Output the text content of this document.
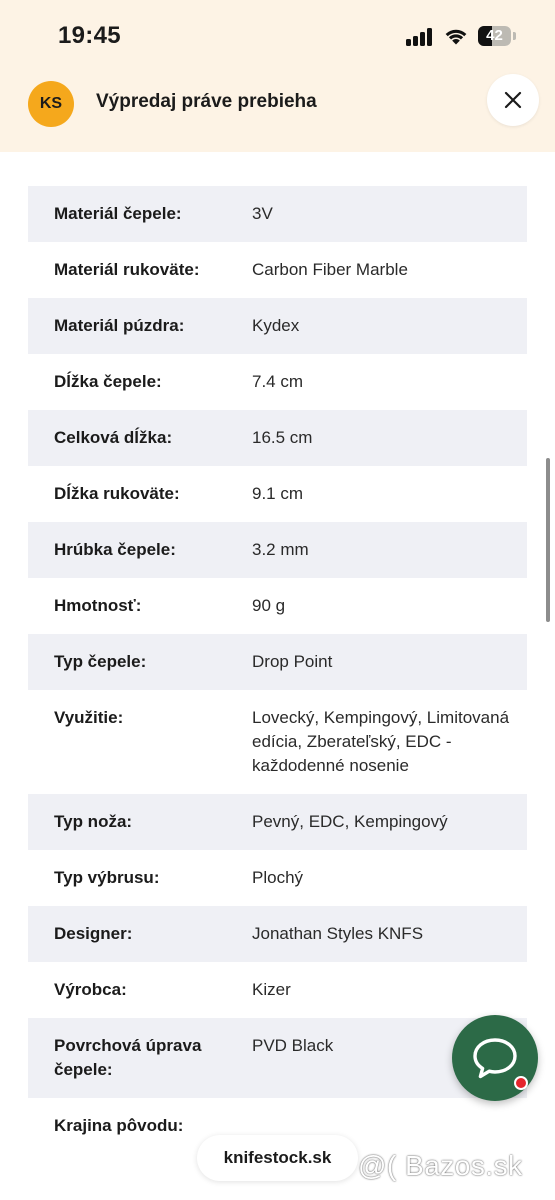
19:45	42
KS	Výpredaj práve prebieha
Materiál čepele:	3V
Materiál rukoväte:	Carbon Fiber Marble
Materiál púzdra:	Kydex
Dĺžka čepele:	7.4 cm
Celková dĺžka:	16.5 cm
Dĺžka rukoväte:	9.1 cm
Hrúbka čepele:	3.2 mm
Hmotnosť:	90 g
Typ čepele:	Drop Point
Využitie:	Lovecký, Kempingový, Limitovaná edícia, Zberateľský, EDC - každodenné nosenie
Typ noža:	Pevný, EDC, Kempingový
Typ výbrusu:	Plochý
Designer:	Jonathan Styles KNFS
Výrobca:	Kizer
Povrchová úprava čepele:
PVD Black
Krajina pôvodu:
knifestock.sk @( Bazos.sk
